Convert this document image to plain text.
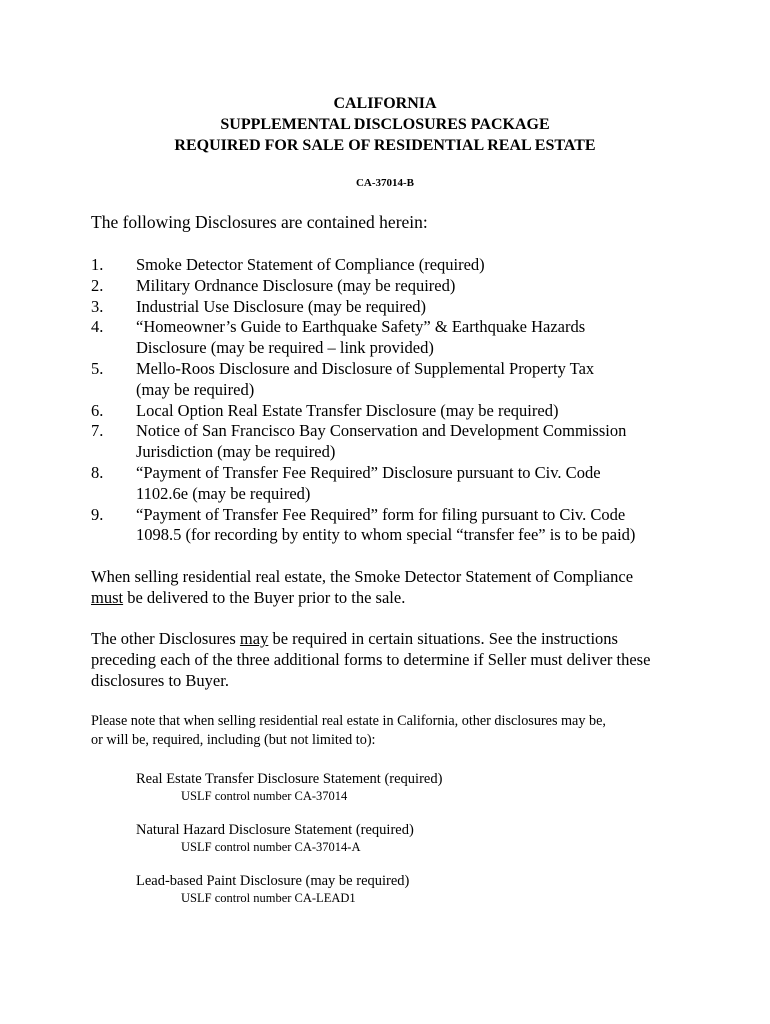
CALIFORNIA
SUPPLEMENTAL DISCLOSURES PACKAGE
REQUIRED FOR SALE OF RESIDENTIAL REAL ESTATE
CA-37014-B
The following Disclosures are contained herein:
1.	Smoke Detector Statement of Compliance (required)
2.	Military Ordnance Disclosure (may be required)
3.	Industrial Use Disclosure (may be required)
4.	“Homeowner’s Guide to Earthquake Safety” & Earthquake Hazards
Disclosure (may be required – link provided)
5.	Mello-Roos Disclosure and Disclosure of Supplemental Property Tax
(may be required)
6.	Local Option Real Estate Transfer Disclosure (may be required)
7.	Notice of San Francisco Bay Conservation and Development Commission
Jurisdiction (may be required)
8.	“Payment of Transfer Fee Required” Disclosure pursuant to Civ. Code
1102.6e (may be required)
9.	“Payment of Transfer Fee Required” form for filing pursuant to Civ. Code
1098.5 (for recording by entity to whom special “transfer fee” is to be paid)
When selling residential real estate, the Smoke Detector Statement of Compliance
must be delivered to the Buyer prior to the sale.
The other Disclosures may be required in certain situations. See the instructions
preceding each of the three additional forms to determine if Seller must deliver these
disclosures to Buyer.
Please note that when selling residential real estate in California, other disclosures may be,
or will be, required, including (but not limited to):
Real Estate Transfer Disclosure Statement (required)
USLF control number CA-37014
Natural Hazard Disclosure Statement (required)
USLF control number CA-37014-A
Lead-based Paint Disclosure (may be required)
USLF control number CA-LEAD1
